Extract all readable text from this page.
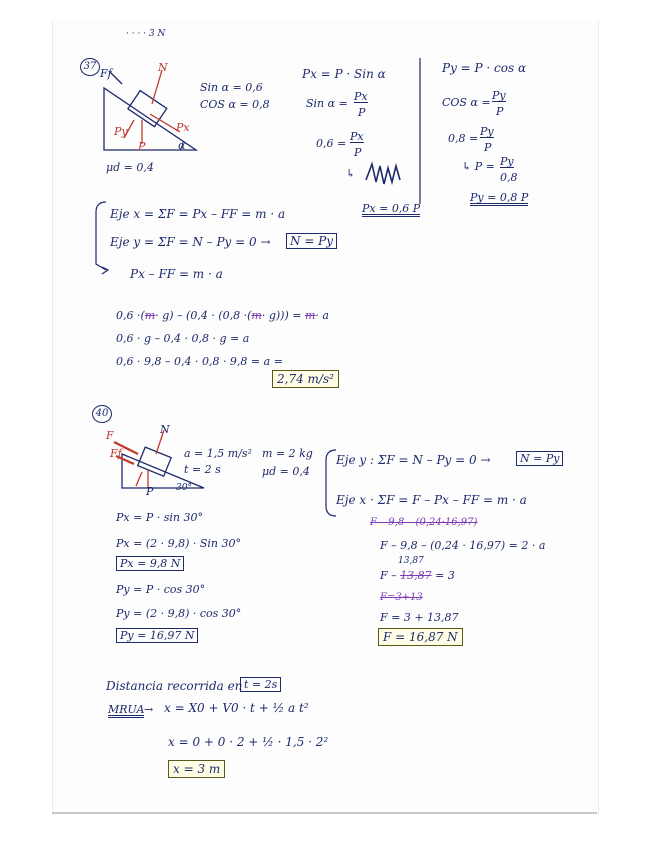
· · · · 3 N
37
Ff	N
Px
P
Py
α
Sin α = 0,6
COS α = 0,8
μd = 0,4
Px = P · Sin α
Sin α =
Px
P
0,6 =
Px
P
↳
Px = 0,6 P
Py = P · cos α
COS α =
Py
P
0,8 =
Py
P
↳ P = Py
0,8
Py = 0,8 P
Eje x = ΣF = Px – FF = m · a
Eje y = ΣF = N – Py = 0 →	N = Py
Px – FF = m · a
0,6 ·(m· g) – (0,4 · (0,8 ·(m· g))) = m· a
0,6 · g – 0,4 · 0,8 · g = a
0,6 · 9,8 – 0,4 · 0,8 · 9,8 = a =
2,74 m/s²
40
F
Ff
N
P	30°
a = 1,5 m/s²
t = 2 s
m = 2 kg
μd = 0,4
Px = P · sin 30°
Px = (2 · 9,8) · Sin 30°
Px = 9,8 N
Py = P · cos 30°
Py = (2 · 9,8) · cos 30°
Py = 16,97 N
Eje y : ΣF = N – Py = 0 →	N = Py
Eje x · ΣF = F – Px – FF = m · a
F – 9,8 – (0,24·16,97)
F – 9,8 – (0,24 · 16,97) = 2 · a
13,87
F – 13,87 = 3
F=3+13
F = 3 + 13,87
F = 16,87 N
Distancia recorrida en t = 2s
MRUA → x = X0 + V0 · t + ½ a t²
x = 0 + 0 · 2 + ½ · 1,5 · 2²
x = 3 m
